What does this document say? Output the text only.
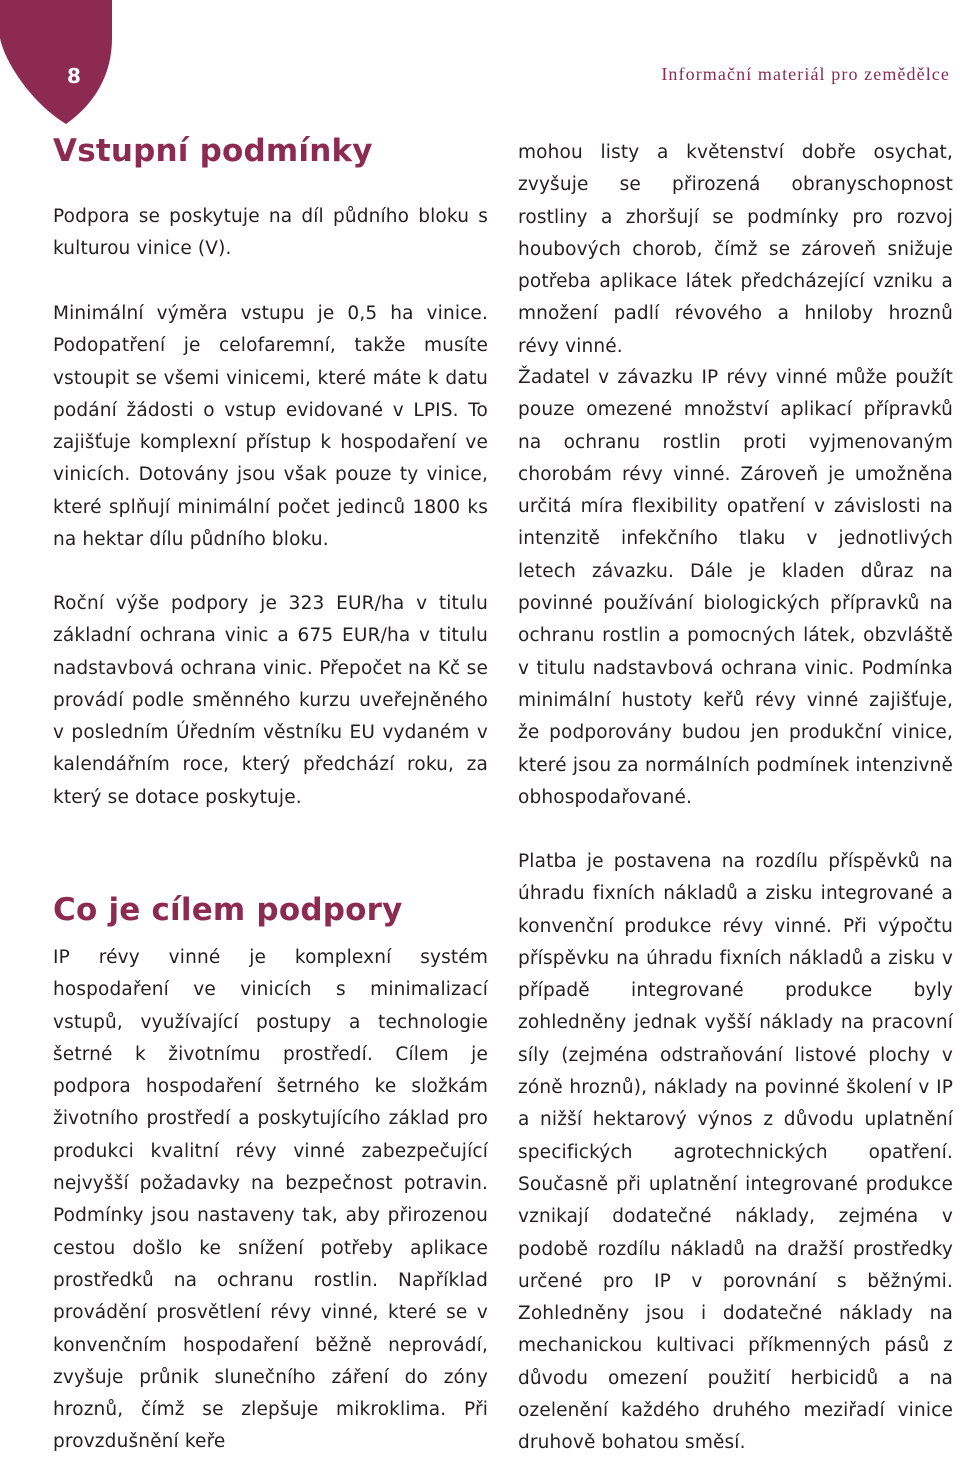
8	Informační materiál pro zemědělce
Vstupní podmínky

Podpora se poskytuje na díl půdního bloku s kulturou vinice (V).

Minimální výměra vstupu je 0,5 ha vinice. Podopatření je celofaremní, takže musíte vstoupit se všemi vinicemi, které máte k datu podání žádosti o vstup evidované v LPIS. To zajišťuje komplexní přístup k hospodaření ve vinicích. Dotovány jsou však pouze ty vinice, které splňují minimální počet jedinců 1800 ks na hektar dílu půdního bloku.

Roční výše podpory je 323 EUR/ha v titulu základní ochrana vinic a 675 EUR/ha v titulu nadstavbová ochrana vinic. Přepočet na Kč se provádí podle směnného kurzu uveřejněného v posledním Úředním věstníku EU vydaném v kalendářním roce, který předchází roku, za který se dotace poskytuje.

Co je cílem podpory

IP révy vinné je komplexní systém hospodaření ve vinicích s minimalizací vstupů, využívající postupy a technologie šetrné k životnímu prostředí. Cílem je podpora hospodaření šetrného ke složkám životního prostředí a poskytujícího základ pro produkci kvalitní révy vinné zabezpečující nejvyšší požadavky na bezpečnost potravin. Podmínky jsou nastaveny tak, aby přirozenou cestou došlo ke snížení potřeby aplikace prostředků na ochranu rostlin. Například provádění prosvětlení révy vinné, které se v konvenčním hospodaření běžně neprovádí, zvyšuje průnik slunečního záření do zóny hroznů, čímž se zlepšuje mikroklima. Při provzdušnění keře

mohou listy a květenství dobře osychat, zvyšuje se přirozená obranyschopnost rostliny a zhoršují se podmínky pro rozvoj houbových chorob, čímž se zároveň snižuje potřeba aplikace látek předcházející vzniku a množení padlí révového a hniloby hroznů révy vinné.

Žadatel v závazku IP révy vinné může použít pouze omezené množství aplikací přípravků na ochranu rostlin proti vyjmenovaným chorobám révy vinné. Zároveň je umožněna určitá míra flexibility opatření v závislosti na intenzitě infekčního tlaku v jednotlivých letech závazku. Dále je kladen důraz na povinné používání biologických přípravků na ochranu rostlin a pomocných látek, obzvláště v titulu nadstavbová ochrana vinic. Podmínka minimální hustoty keřů révy vinné zajišťuje, že podporovány budou jen produkční vinice, které jsou za normálních podmínek intenzivně obhospodařované.

Platba je postavena na rozdílu příspěvků na úhradu fixních nákladů a zisku integrované a konvenční produkce révy vinné. Při výpočtu příspěvku na úhradu fixních nákladů a zisku v případě integrované produkce byly zohledněny jednak vyšší náklady na pracovní síly (zejména odstraňování listové plochy v zóně hroznů), náklady na povinné školení v IP a nižší hektarový výnos z důvodu uplatnění specifických agrotechnických opatření. Současně při uplatnění integrované produkce vznikají dodatečné náklady, zejména v podobě rozdílu nákladů na dražší prostředky určené pro IP v porovnání s běžnými. Zohledněny jsou i dodatečné náklady na mechanickou kultivaci příkmenných pásů z důvodu omezení použití herbicidů a na ozelenění každého druhého meziřadí vinice druhově bohatou směsí.
